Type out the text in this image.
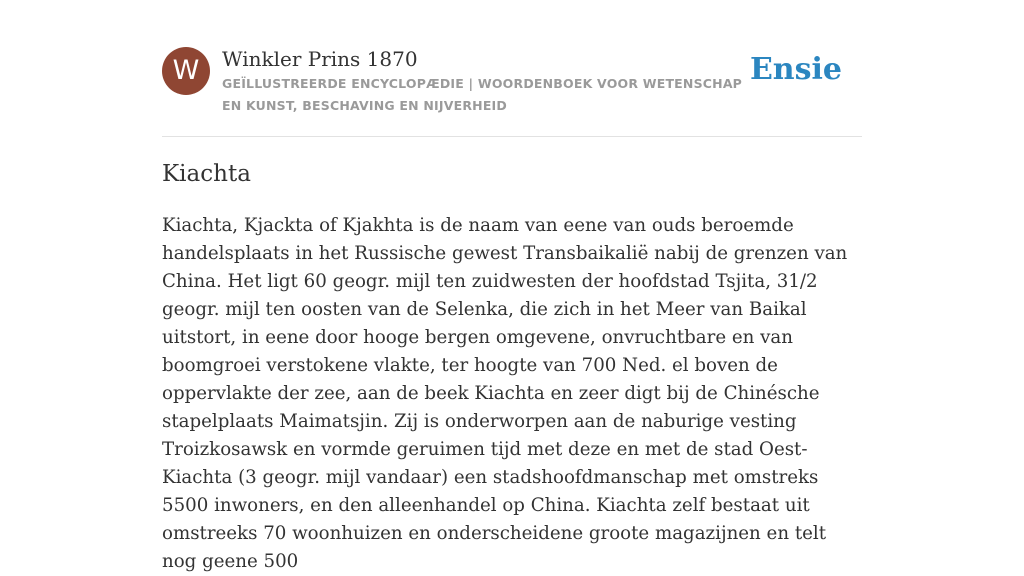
W	Winkler Prins 1870
GEÏLLUSTREERDE ENCYCLOPÆDIE | WOORDENBOEK VOOR WETENSCHAP EN KUNST, BESCHAVING EN NIJVERHEID
Ensie
Kiachta

Kiachta, Kjackta of Kjakhta is de naam van eene van ouds beroemde handelsplaats in het Russische gewest Transbaikalië nabij de grenzen van China. Het ligt 60 geogr. mijl ten zuidwesten der hoofdstad Tsjita, 31/2 geogr. mijl ten oosten van de Selenka, die zich in het Meer van Baikal uitstort, in eene door hooge bergen omgevene, onvruchtbare en van boomgroei verstokene vlakte, ter hoogte van 700 Ned. el boven de oppervlakte der zee, aan de beek Kiachta en zeer digt bij de Chinésche stapelplaats Maimatsjin. Zij is onderworpen aan de naburige vesting Troizkosawsk en vormde geruimen tijd met deze en met de stad Oest-Kiachta (3 geogr. mijl vandaar) een stadshoofdmanschap met omstreks 5500 inwoners, en den alleenhandel op China. Kiachta zelf bestaat uit omstreeks 70 woonhuizen en onderscheidene groote magazijnen en telt nog geene 500
